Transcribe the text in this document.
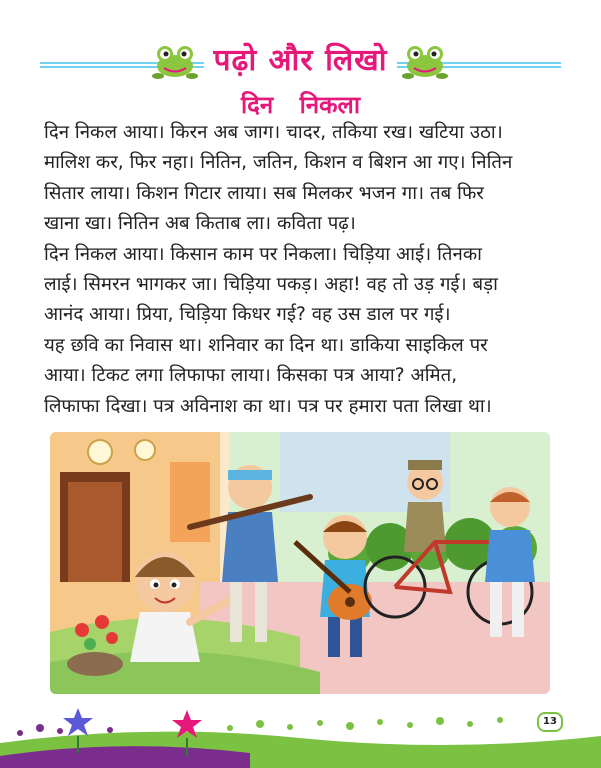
पढ़ो और लिखो
दिन निकला

दिन निकल आया। किरन अब जाग। चादर, तकिया रख। खटिया उठा।
मालिश कर, फिर नहा। नितिन, जतिन, किशन व बिशन आ गए। नितिन
सितार लाया। किशन गिटार लाया। सब मिलकर भजन गा। तब फिर
खाना खा। नितिन अब किताब ला। कविता पढ़।

दिन निकल आया। किसान काम पर निकला। चिड़िया आई। तिनका
लाई। सिमरन भागकर जा। चिड़िया पकड़। अहा! वह तो उड़ गई। बड़ा
आनंद आया। प्रिया, चिड़िया किधर गई? वह उस डाल पर गई।

यह छवि का निवास था। शनिवार का दिन था। डाकिया साइकिल पर
आया। टिकट लगा लिफाफा लाया। किसका पत्र आया? अमित,
लिफाफा दिखा। पत्र अविनाश का था। पत्र पर हमारा पता लिखा था।

13
